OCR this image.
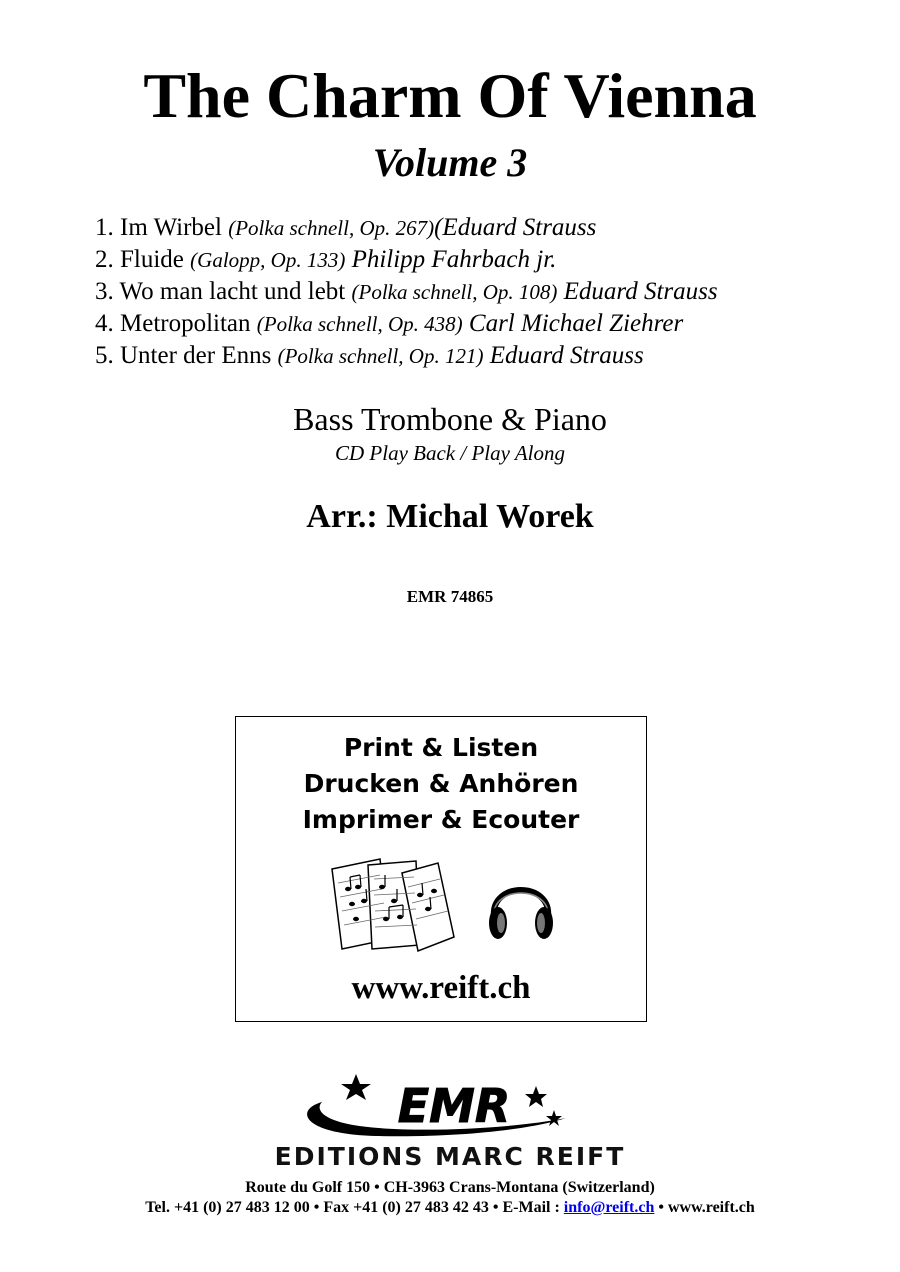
The Charm Of Vienna
Volume 3
1. Im Wirbel (Polka schnell, Op. 267)(Eduard Strauss
2. Fluide (Galopp, Op. 133) Philipp Fahrbach jr.
3. Wo man lacht und lebt (Polka schnell, Op. 108) Eduard Strauss
4. Metropolitan (Polka schnell, Op. 438) Carl Michael Ziehrer
5. Unter der Enns (Polka schnell, Op. 121) Eduard Strauss
Bass Trombone & Piano
CD Play Back / Play Along
Arr.: Michal Worek
EMR 74865
Print & Listen
Drucken & Anhören
Imprimer & Ecouter
www.reift.ch
EMR
EDITIONS MARC REIFT
Route du Golf 150 • CH-3963 Crans-Montana (Switzerland)
Tel. +41 (0) 27 483 12 00 • Fax +41 (0) 27 483 42 43 • E-Mail : info@reift.ch • www.reift.ch
